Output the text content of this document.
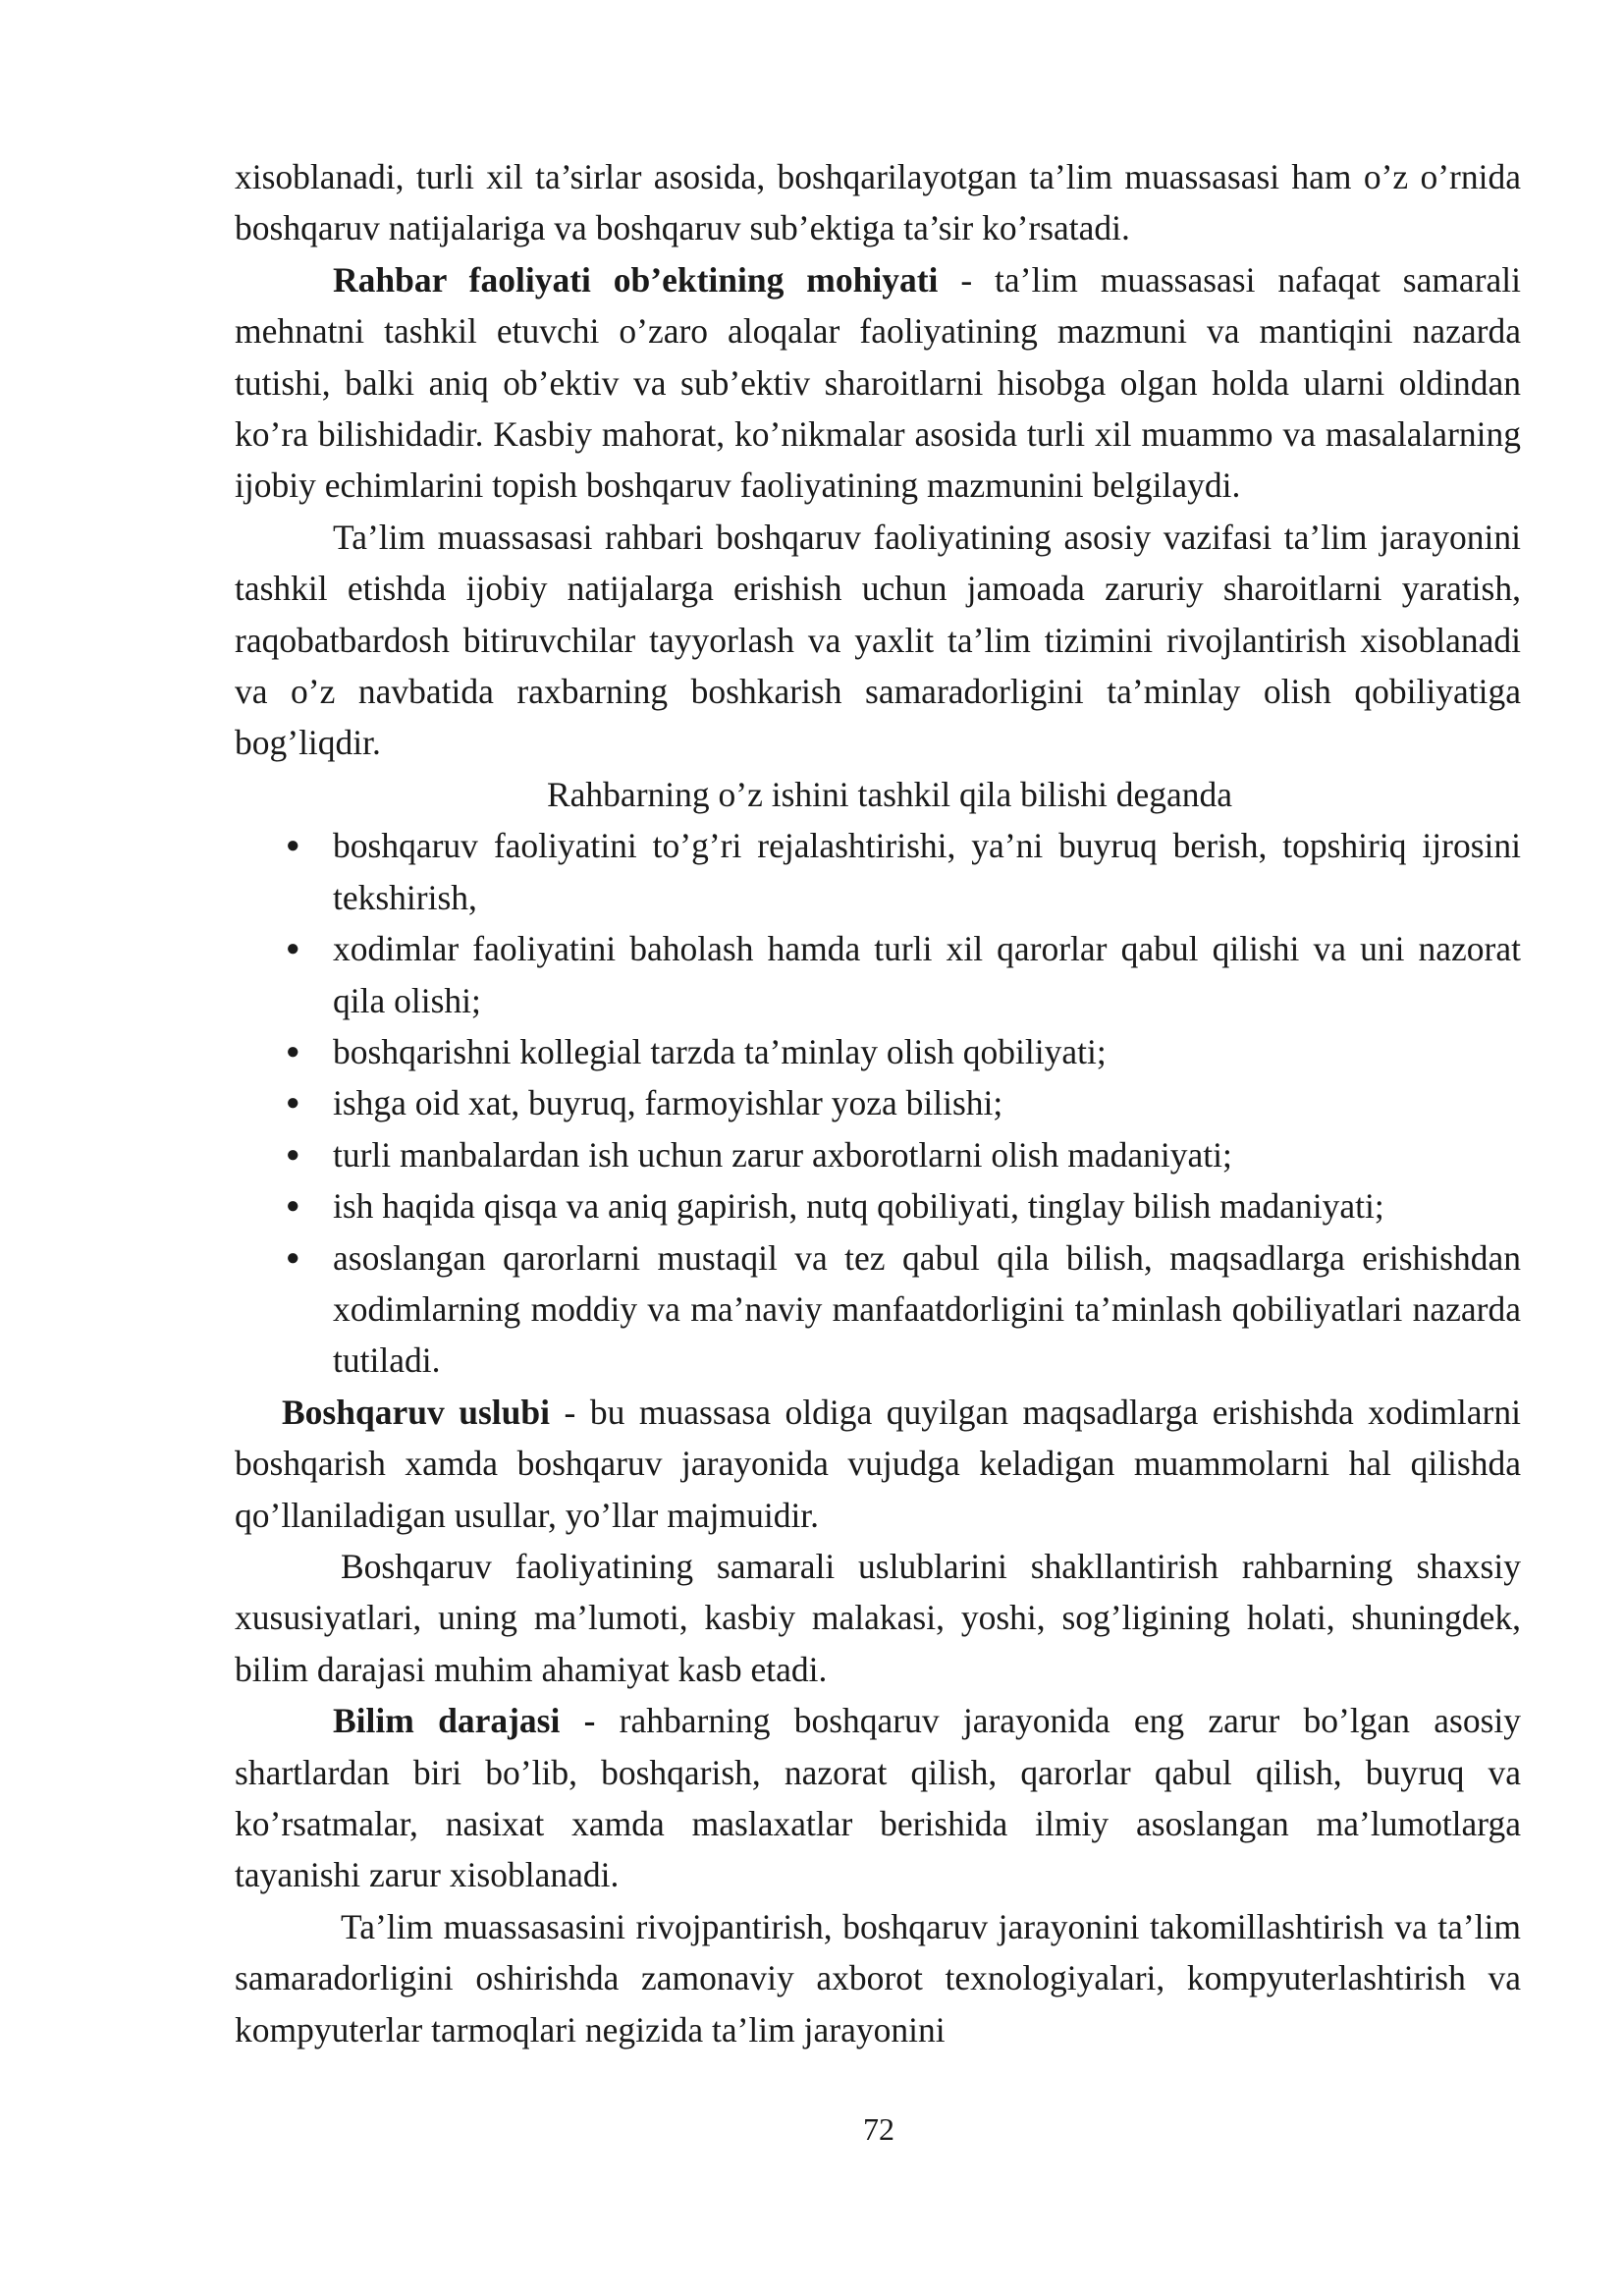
xisoblanadi, turli xil ta’sirlar asosida, boshqarilayotgan ta’lim muassasasi ham o’z o’rnida boshqaruv natijalariga va boshqaruv sub’ektiga ta’sir ko’rsatadi.

Rahbar faoliyati ob’ektining mohiyati - ta’lim muassasasi nafaqat samarali mehnatni tashkil etuvchi o’zaro aloqalar faoliyatining mazmuni va mantiqini nazarda tutishi, balki aniq ob’ektiv va sub’ektiv sharoitlarni hisobga olgan holda ularni oldindan ko’ra bilishidadir. Kasbiy mahorat, ko’nikmalar asosida turli xil muammo va masalalarning ijobiy echimlarini topish boshqaruv faoliyatining mazmunini belgilaydi.

Ta’lim muassasasi rahbari boshqaruv faoliyatining asosiy vazifasi ta’lim jarayonini tashkil etishda ijobiy natijalarga erishish uchun jamoada zaruriy sharoitlarni yaratish, raqobatbardosh bitiruvchilar tayyorlash va yaxlit ta’lim tizimini rivojlantirish xisoblanadi va o’z navbatida raxbarning boshkarish samaradorligini ta’minlay olish qobiliyatiga bog’liqdir.

Rahbarning o’z ishini tashkil qila bilishi deganda

● boshqaruv faoliyatini to’g’ri rejalashtirishi, ya’ni buyruq berish, topshiriq ijrosini tekshirish,
● xodimlar faoliyatini baholash hamda turli xil qarorlar qabul qilishi va uni nazorat qila olishi;
● boshqarishni kollegial tarzda ta’minlay olish qobiliyati;
● ishga oid xat, buyruq, farmoyishlar yoza bilishi;
● turli manbalardan ish uchun zarur axborotlarni olish madaniyati;
● ish haqida qisqa va aniq gapirish, nutq qobiliyati, tinglay bilish madaniyati;
● asoslangan qarorlarni mustaqil va tez qabul qila bilish, maqsadlarga erishishdan xodimlarning moddiy va ma’naviy manfaatdorligini ta’minlash qobiliyatlari nazarda tutiladi.

Boshqaruv uslubi - bu muassasa oldiga quyilgan maqsadlarga erishishda xodimlarni boshqarish xamda boshqaruv jarayonida vujudga keladigan muammolarni hal qilishda qo’llaniladigan usullar, yo’llar majmuidir.

Boshqaruv faoliyatining samarali uslublarini shakllantirish rahbarning shaxsiy xususiyatlari, uning ma’lumoti, kasbiy malakasi, yoshi, sog’ligining holati, shuningdek, bilim darajasi muhim ahamiyat kasb etadi.

Bilim darajasi - rahbarning boshqaruv jarayonida eng zarur bo’lgan asosiy shartlardan biri bo’lib, boshqarish, nazorat qilish, qarorlar qabul qilish, buyruq va ko’rsatmalar, nasixat xamda maslaxatlar berishida ilmiy asoslangan ma’lumotlarga tayanishi zarur xisoblanadi.

Ta’lim muassasasini rivojpantirish, boshqaruv jarayonini takomillashtirish va ta’lim samaradorligini oshirishda zamonaviy axborot texnologiyalari, kompyuterlashtirish va kompyuterlar tarmoqlari negizida ta’lim jarayonini

72
